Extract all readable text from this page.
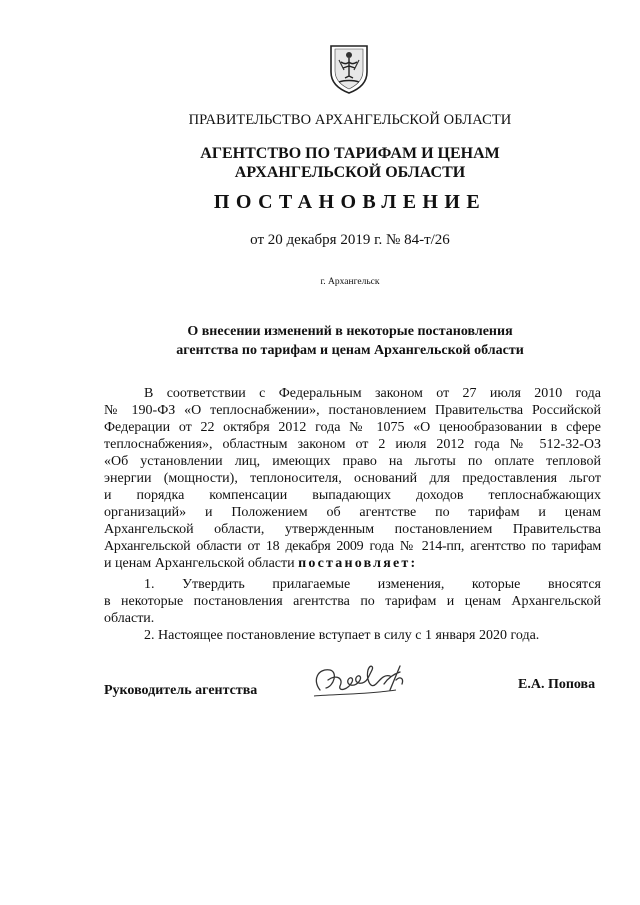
ПРАВИТЕЛЬСТВО АРХАНГЕЛЬСКОЙ ОБЛАСТИ
АГЕНТСТВО ПО ТАРИФАМ И ЦЕНАМ
АРХАНГЕЛЬСКОЙ ОБЛАСТИ
ПОСТАНОВЛЕНИЕ
от 20 декабря 2019 г. № 84-т/26
г. Архангельск
О внесении изменений в некоторые постановления
агентства по тарифам и ценам Архангельской области
В соответствии с Федеральным законом от 27 июля 2010 года
№ 190-ФЗ «О теплоснабжении», постановлением Правительства Российской
Федерации от 22 октября 2012 года № 1075 «О ценообразовании в сфере
теплоснабжения», областным законом от 2 июля 2012 года № 512-32-ОЗ
«Об установлении лиц, имеющих право на льготы по оплате тепловой
энергии (мощности), теплоносителя, оснований для предоставления льгот
и порядка компенсации выпадающих доходов теплоснабжающих
организаций» и Положением об агентстве по тарифам и ценам
Архангельской области, утвержденным постановлением Правительства
Архангельской области от 18 декабря 2009 года № 214-пп, агентство по тарифам
и ценам Архангельской области постановляет:
1. Утвердить прилагаемые изменения, которые вносятся
в некоторые постановления агентства по тарифам и ценам Архангельской
области.
2. Настоящее постановление вступает в силу с 1 января 2020 года.
Руководитель агентства	Е.А. Попова
